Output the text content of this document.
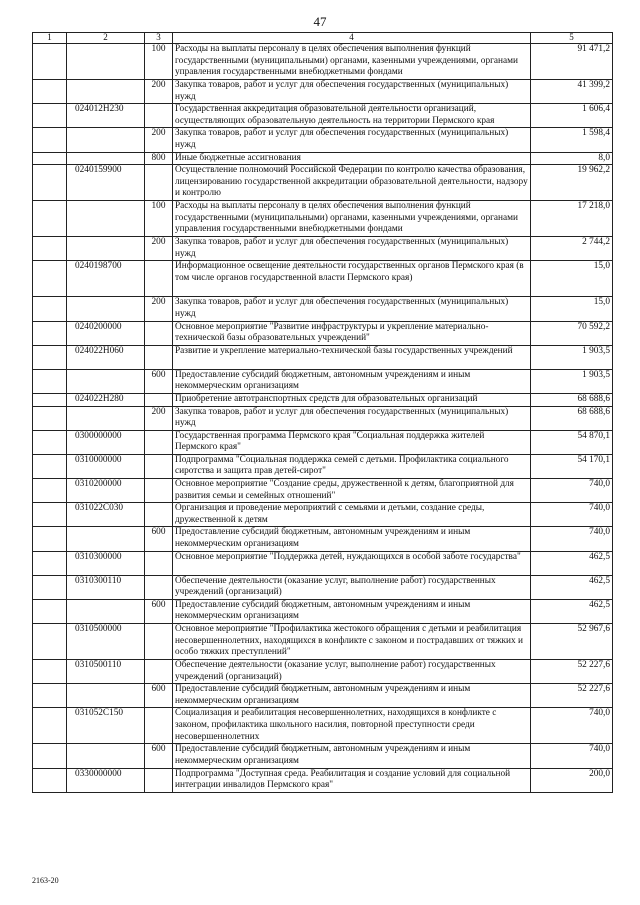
47
1	2	3	4	5
		100	Расходы на выплаты персоналу в целях обеспечения выполнения функций государственными (муниципальными) органами, казенными учреждениями, органами управления государственными внебюджетными фондами	91 471,2
		200	Закупка товаров, работ и услуг для обеспечения государственных (муниципальных) нужд	41 399,2
	024012Н230		Государственная аккредитация образовательной деятельности организаций, осуществляющих образовательную деятельность на территории Пермского края	1 606,4
		200	Закупка товаров, работ и услуг для обеспечения государственных (муниципальных) нужд	1 598,4
		800	Иные бюджетные ассигнования	8,0
	0240159900		Осуществление полномочий Российской Федерации по контролю качества образования, лицензированию государственной аккредитации образовательной деятельности, надзору и контролю	19 962,2
		100	Расходы на выплаты персоналу в целях обеспечения выполнения функций государственными (муниципальными) органами, казенными учреждениями, органами управления государственными внебюджетными фондами	17 218,0
		200	Закупка товаров, работ и услуг для обеспечения государственных (муниципальных) нужд	2 744,2
	0240198700		Информационное освещение деятельности государственных органов Пермского края (в том числе органов государственной власти Пермского края)	15,0
		200	Закупка товаров, работ и услуг для обеспечения государственных (муниципальных) нужд	15,0
	0240200000		Основное мероприятие "Развитие инфраструктуры и укрепление материально-технической базы образовательных учреждений"	70 592,2
	024022Н060		Развитие и укрепление материально-технической базы государственных учреждений	1 903,5
		600	Предоставление субсидий бюджетным, автономным учреждениям и иным некоммерческим организациям	1 903,5
	024022Н280		Приобретение автотранспортных средств для образовательных организаций	68 688,6
		200	Закупка товаров, работ и услуг для обеспечения государственных (муниципальных) нужд	68 688,6
	0300000000		Государственная программа Пермского края "Социальная поддержка жителей Пермского края"	54 870,1
	0310000000		Подпрограмма "Социальная поддержка семей с детьми. Профилактика социального сиротства и защита прав детей-сирот"	54 170,1
	0310200000		Основное мероприятие "Создание среды, дружественной к детям, благоприятной для развития семьи и семейных отношений"	740,0
	031022С030		Организация и проведение мероприятий с семьями и детьми, создание среды, дружественной к детям	740,0
		600	Предоставление субсидий бюджетным, автономным учреждениям и иным некоммерческим организациям	740,0
	0310300000		Основное мероприятие "Поддержка детей, нуждающихся в особой заботе государства"	462,5
	0310300110		Обеспечение деятельности (оказание услуг, выполнение работ) государственных учреждений (организаций)	462,5
		600	Предоставление субсидий бюджетным, автономным учреждениям и иным некоммерческим организациям	462,5
	0310500000		Основное мероприятие "Профилактика жестокого обращения с детьми и реабилитация несовершеннолетних, находящихся в конфликте с законом и пострадавших от тяжких и особо тяжких преступлений"	52 967,6
	0310500110		Обеспечение деятельности (оказание услуг, выполнение работ) государственных учреждений (организаций)	52 227,6
		600	Предоставление субсидий бюджетным, автономным учреждениям и иным некоммерческим организациям	52 227,6
	031052С150		Социализация и реабилитация несовершеннолетних, находящихся в конфликте с законом, профилактика школьного насилия, повторной преступности среди несовершеннолетних	740,0
		600	Предоставление субсидий бюджетным, автономным учреждениям и иным некоммерческим организациям	740,0
	0330000000		Подпрограмма "Доступная среда. Реабилитация и создание условий для социальной интеграции инвалидов Пермского края"	200,0
2163-20
